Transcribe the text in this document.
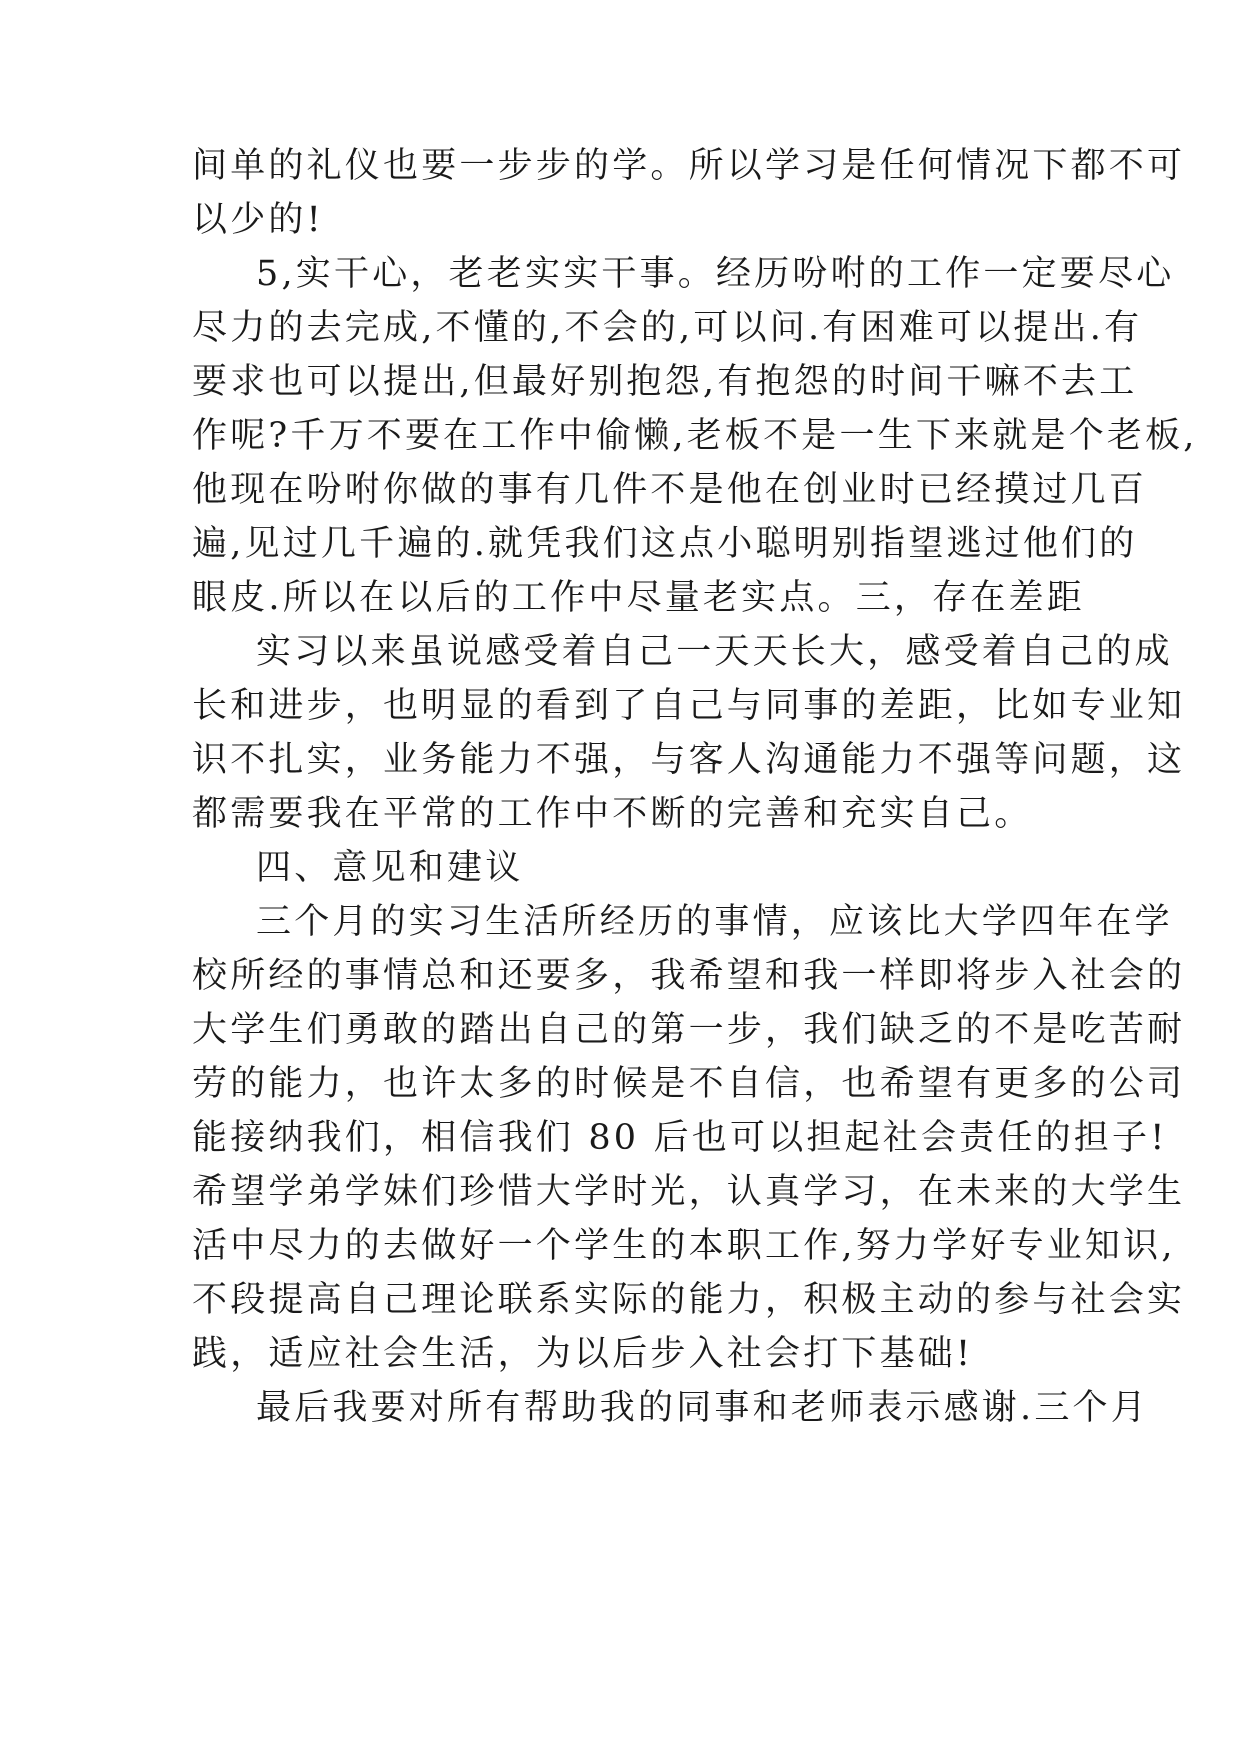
间单的礼仪也要一步步的学。所以学习是任何情况下都不可
以少的!
5,实干心，老老实实干事。经历吩咐的工作一定要尽心
尽力的去完成,不懂的,不会的,可以问.有困难可以提出.有
要求也可以提出,但最好别抱怨,有抱怨的时间干嘛不去工
作呢?千万不要在工作中偷懒,老板不是一生下来就是个老板,
他现在吩咐你做的事有几件不是他在创业时已经摸过几百
遍,见过几千遍的.就凭我们这点小聪明别指望逃过他们的
眼皮.所以在以后的工作中尽量老实点。三，存在差距
实习以来虽说感受着自己一天天长大，感受着自己的成
长和进步，也明显的看到了自己与同事的差距，比如专业知
识不扎实，业务能力不强，与客人沟通能力不强等问题，这
都需要我在平常的工作中不断的完善和充实自己。
四、意见和建议
三个月的实习生活所经历的事情，应该比大学四年在学
校所经的事情总和还要多，我希望和我一样即将步入社会的
大学生们勇敢的踏出自己的第一步，我们缺乏的不是吃苦耐
劳的能力，也许太多的时候是不自信，也希望有更多的公司
能接纳我们，相信我们 80 后也可以担起社会责任的担子!
希望学弟学妹们珍惜大学时光，认真学习，在未来的大学生
活中尽力的去做好一个学生的本职工作,努力学好专业知识,
不段提高自己理论联系实际的能力，积极主动的参与社会实
践，适应社会生活，为以后步入社会打下基础!
最后我要对所有帮助我的同事和老师表示感谢.三个月
